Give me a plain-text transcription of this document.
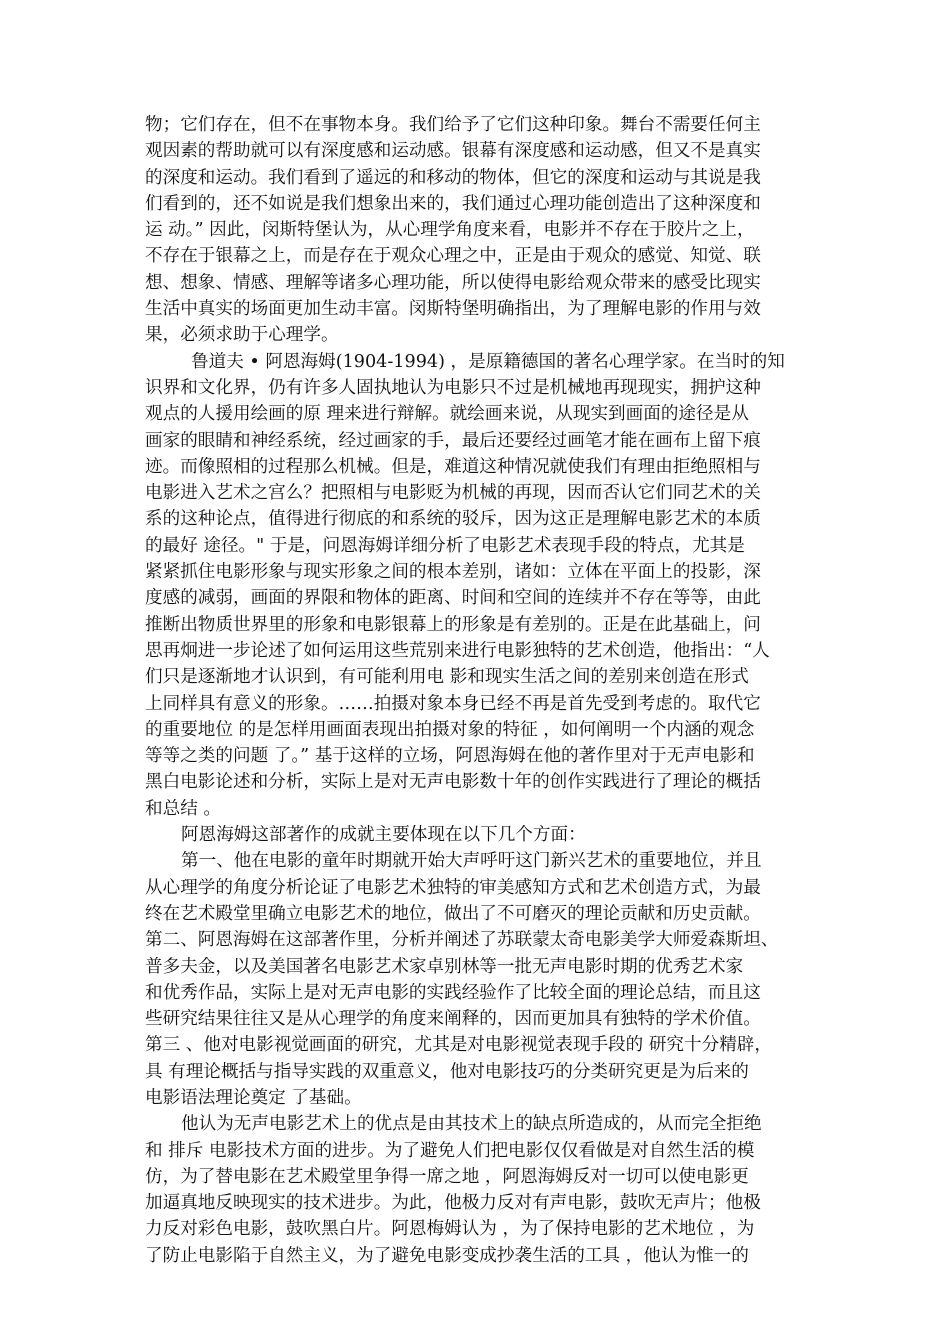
物；它们存在，但不在事物本身。我们给予了它们这种印象。舞台不需要任何主
观因素的帮助就可以有深度感和运动感。银幕有深度感和运动感，但又不是真实
的深度和运动。我们看到了遥远的和移动的物体，但它的深度和运动与其说是我
们看到的，还不如说是我们想象出来的，我们通过心理功能创造出了这种深度和
运 动。” 因此，闵斯特堡认为，从心理学角度来看，电影并不存在于胶片之上，
不存在于银幕之上，而是存在于观众心理之中，正是由于观众的感觉、知觉、联
想、想象、情感、理解等诸多心理功能，所以使得电影给观众带来的感受比现实
生活中真实的场面更加生动丰富。闵斯特堡明确指出，为了理解电影的作用与效
果，必须求助于心理学。
鲁道夫 • 阿恩海姆(1904-1994) ，是原籍德国的著名心理学家。在当时的知
识界和文化界，仍有许多人固执地认为电影只不过是机械地再现现实，拥护这种
观点的人援用绘画的原 理来进行辩解。就绘画来说，从现实到画面的途径是从
画家的眼睛和神经系统，经过画家的手，最后还要经过画笔才能在画布上留下痕
迹。而像照相的过程那么机械。但是，难道这种情况就使我们有理由拒绝照相与
电影进入艺术之宫么？把照相与电影贬为机械的再现，因而否认它们同艺术的关
系的这种论点，值得进行彻底的和系统的驳斥，因为这正是理解电影艺术的本质
的最好 途径。" 于是，问恩海姆详细分析了电影艺术表现手段的特点，尤其是
紧紧抓住电影形象与现实形象之间的根本差别，诸如：立体在平面上的投影，深
度感的减弱，画面的界限和物体的距离、时间和空间的连续并不存在等等，由此
推断出物质世界里的形象和电影银幕上的形象是有差别的。正是在此基础上，问
思再炯进一步论述了如何运用这些荒别来进行电影独特的艺术创造，他指出：“人
们只是逐渐地才认识到，有可能利用电 影和现实生活之间的差别来创造在形式
上同样具有意义的形象。……拍摄对象本身已经不再是首先受到考虑的。取代它
的重要地位 的是怎样用画面表现出拍摄对象的特征 ，如何阐明一个内涵的观念
等等之类的问题 了。” 基于这样的立场，阿恩海姆在他的著作里对于无声电影和
黑白电影论述和分析，实际上是对无声电影数十年的创作实践进行了理论的概括
和总结 。
阿恩海姆这部著作的成就主要体现在以下几个方面：
第一、他在电影的童年时期就开始大声呼吁这门新兴艺术的重要地位，并且
从心理学的角度分析论证了电影艺术独特的审美感知方式和艺术创造方式，为最
终在艺术殿堂里确立电影艺术的地位，做出了不可磨灭的理论贡献和历史贡献。
第二、阿恩海姆在这部著作里，分析并阐述了苏联蒙太奇电影美学大师爱森斯坦、
普多夫金，以及美国著名电影艺术家卓别林等一批无声电影时期的优秀艺术家
和优秀作品，实际上是对无声电影的实践经验作了比较全面的理论总结，而且这
些研究结果往往又是从心理学的角度来阐释的，因而更加具有独特的学术价值。
第三 、他对电影视觉画面的研究，尤其是对电影视觉表现手段的 研究十分精辟，
具 有理论概括与指导实践的双重意义，他对电影技巧的分类研究更是为后来的
电影语法理论奠定 了基础。
他认为无声电影艺术上的优点是由其技术上的缺点所造成的，从而完全拒绝
和 排斥 电影技术方面的进步。为了避免人们把电影仅仅看做是对自然生活的模
仿，为了替电影在艺术殿堂里争得一席之地 ，阿恩海姆反对一切可以使电影更
加逼真地反映现实的技术进步。为此，他极力反对有声电影，鼓吹无声片；他极
力反对彩色电影，鼓吹黑白片。阿恩梅姆认为 ，为了保持电影的艺术地位 ，为
了防止电影陷于自然主义，为了避免电影变成抄袭生活的工具 ，他认为惟一的
